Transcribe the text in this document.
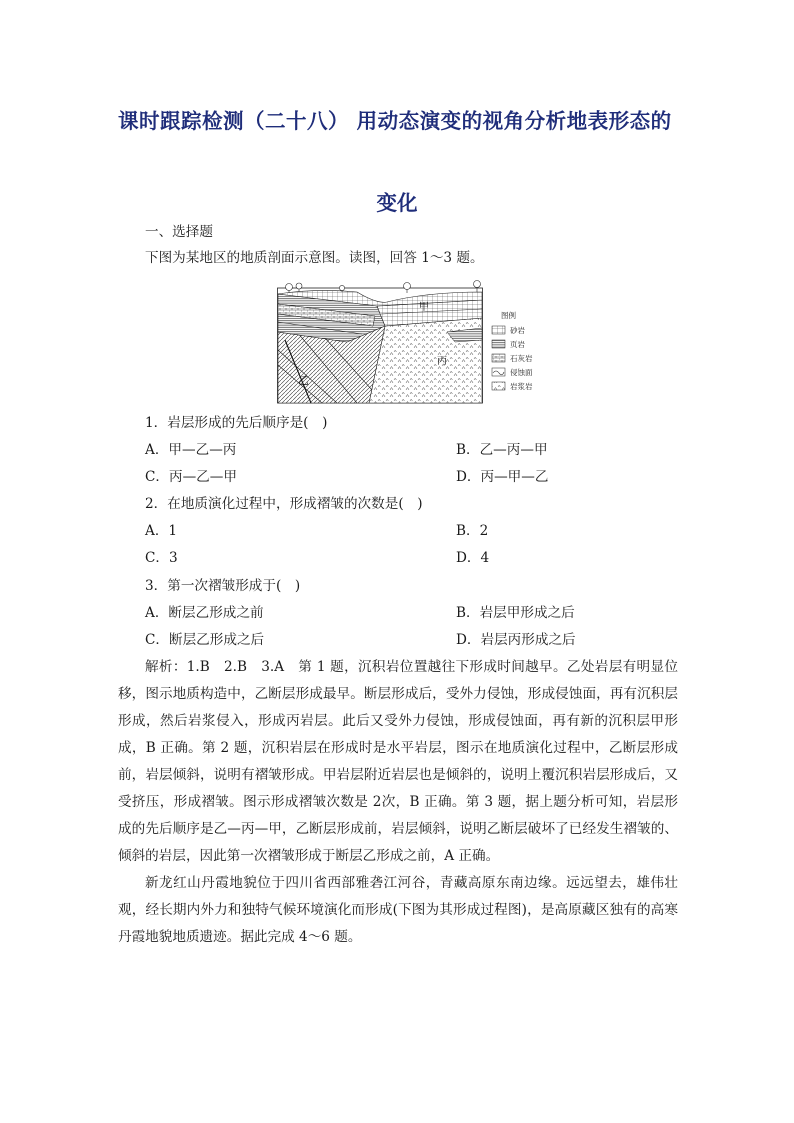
课时跟踪检测（二十八） 用动态演变的视角分析地表形态的
变化
一、选择题
下图为某地区的地质剖面示意图。读图，回答 1～3 题。
甲
乙
丙
图例
砂岩
页岩
石灰岩
侵蚀面
岩浆岩
1．岩层形成的先后顺序是(　)
A．甲—乙—丙	B．乙—丙—甲
C．丙—乙—甲	D．丙—甲—乙
2．在地质演化过程中，形成褶皱的次数是(　)
A．1	B．2
C．3	D．4
3．第一次褶皱形成于(　)
A．断层乙形成之前	B．岩层甲形成之后
C．断层乙形成之后	D．岩层丙形成之后
解析：1.B　2.B　3.A　第 1 题，沉积岩位置越往下形成时间越早。乙处岩层有明显位移，图示地质构造中，乙断层形成最早。断层形成后，受外力侵蚀，形成侵蚀面，再有沉积层形成，然后岩浆侵入，形成丙岩层。此后又受外力侵蚀，形成侵蚀面，再有新的沉积层甲形成，B 正确。第 2 题，沉积岩层在形成时是水平岩层，图示在地质演化过程中，乙断层形成前，岩层倾斜，说明有褶皱形成。甲岩层附近岩层也是倾斜的，说明上覆沉积岩层形成后，又受挤压，形成褶皱。图示形成褶皱次数是 2次，B 正确。第 3 题，据上题分析可知，岩层形成的先后顺序是乙—丙—甲，乙断层形成前，岩层倾斜，说明乙断层破坏了已经发生褶皱的、倾斜的岩层，因此第一次褶皱形成于断层乙形成之前，A 正确。
新龙红山丹霞地貌位于四川省西部雅砻江河谷，青藏高原东南边缘。远远望去，雄伟壮观，经长期内外力和独特气候环境演化而形成(下图为其形成过程图)，是高原藏区独有的高寒丹霞地貌地质遗迹。据此完成 4～6 题。
